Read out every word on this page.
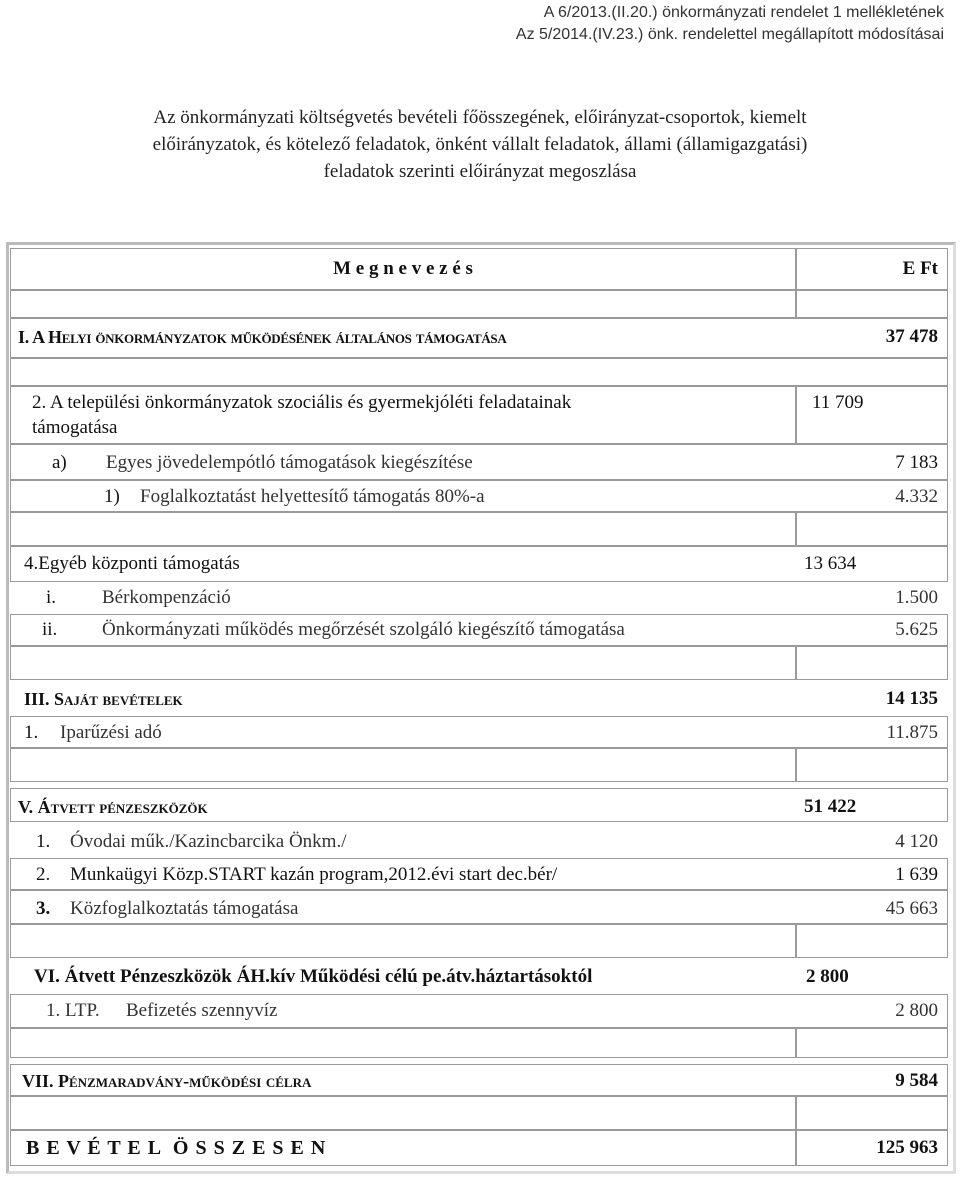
A 6/2013.(II.20.) önkormányzati rendelet 1 mellékletének
Az 5/2014.(IV.23.) önk. rendelettel megállapított módosításai
Az önkormányzati költségvetés bevételi főösszegének, előirányzat-csoportok, kiemelt
előirányzatok, és kötelező feladatok, önként vállalt feladatok, állami (államigazgatási)
feladatok szerinti előirányzat megoszlása
M e g n e v e z é s	E Ft
I. A Helyi önkormányzatok működésének általános támogatása	37 478
2. A települési önkormányzatok szociális és gyermekjóléti feladatainak
támogatása
11 709
a) Egyes jövedelempótló támogatások kiegészítése	7 183
1) Foglalkoztatást helyettesítő támogatás 80%-a	4.332
4.Egyéb központi támogatás	13 634
i. Bérkompenzáció	1.500
ii. Önkormányzati működés megőrzését szolgáló kiegészítő támogatása	5.625
III. Saját bevételek	14 135
1. Iparűzési adó	11.875
V. Átvett pénzeszközök	51 422
1. Óvodai műk./Kazincbarcika Önkm./	4 120
2. Munkaügyi Közp.START kazán program,2012.évi start dec.bér/	1 639
3. Közfoglalkoztatás támogatása	45 663
VI. Átvett Pénzeszközök ÁH.kív Működési célú pe.átv.háztartásoktól	2 800
1. LTP. Befizetés szennyvíz	2 800
VII. Pénzmaradvány-működési célra	9 584
B E V É T E L  Ö S S Z E S E N	125 963
